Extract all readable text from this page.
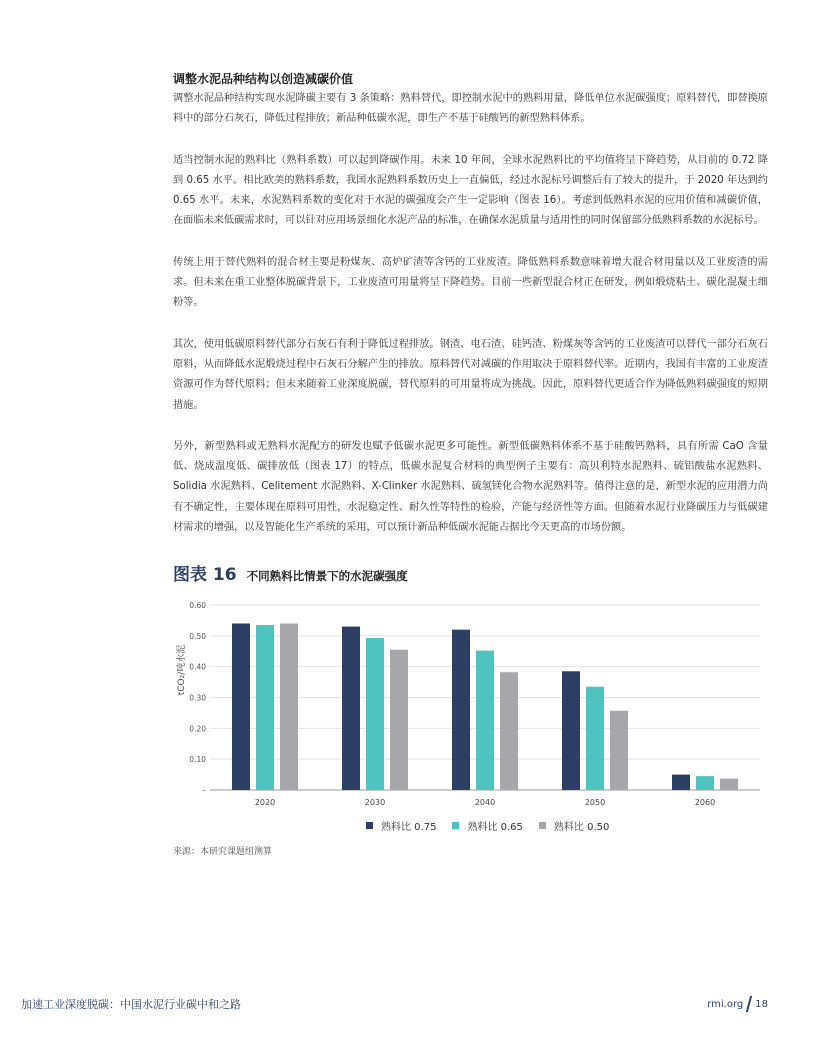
调整水泥品种结构以创造减碳价值

调整水泥品种结构实现水泥降碳主要有 3 条策略：熟料替代，即控制水泥中的熟料用量，降低单位水泥碳强度；原料替代，即替换原料中的部分石灰石，降低过程排放；新品种低碳水泥，即生产不基于硅酸钙的新型熟料体系。

适当控制水泥的熟料比（熟料系数）可以起到降碳作用。未来 10 年间，全球水泥熟料比的平均值将呈下降趋势，从目前的 0.72 降到 0.65 水平。相比欧美的熟料系数，我国水泥熟料系数历史上一直偏低，经过水泥标号调整后有了较大的提升，于 2020 年达到约 0.65 水平。未来，水泥熟料系数的变化对于水泥的碳强度会产生一定影响（图表 16）。考虑到低熟料水泥的应用价值和减碳价值，在面临未来低碳需求时，可以针对应用场景细化水泥产品的标准，在确保水泥质量与适用性的同时保留部分低熟料系数的水泥标号。

传统上用于替代熟料的混合材主要是粉煤灰、高炉矿渣等含钙的工业废渣。降低熟料系数意味着增大混合材用量以及工业废渣的需求。但未来在重工业整体脱碳背景下，工业废渣可用量将呈下降趋势。目前一些新型混合材正在研发，例如煅烧粘土、碳化混凝土细粉等。

其次，使用低碳原料替代部分石灰石有利于降低过程排放。钢渣、电石渣、硅钙渣、粉煤灰等含钙的工业废渣可以替代一部分石灰石原料，从而降低水泥煅烧过程中石灰石分解产生的排放。原料替代对减碳的作用取决于原料替代率。近期内，我国有丰富的工业废渣资源可作为替代原料；但未来随着工业深度脱碳，替代原料的可用量将成为挑战。因此，原料替代更适合作为降低熟料碳强度的短期措施。

另外，新型熟料或无熟料水泥配方的研发也赋予低碳水泥更多可能性。新型低碳熟料体系不基于硅酸钙熟料，具有所需 CaO 含量低、烧成温度低、碳排放低（图表 17）的特点，低碳水泥复合材料的典型例子主要有：高贝利特水泥熟料、硫铝酸盐水泥熟料、Solidia 水泥熟料、Celitement 水泥熟料、X-Clinker 水泥熟料、硫氢镁化合物水泥熟料等。值得注意的是，新型水泥的应用潜力尚有不确定性，主要体现在原料可用性，水泥稳定性、耐久性等特性的检验，产能与经济性等方面。但随着水泥行业降碳压力与低碳建材需求的增强，以及智能化生产系统的采用，可以预计新品种低碳水泥能占据比今天更高的市场份额。

图表 16 不同熟料比情景下的水泥碳强度
–
0.10
0.20
0.30
0.40
0.50
0.60
2020	2030	2040	2050	2060
tCO₂/吨水泥
熟料比 0.75	熟料比 0.65	熟料比 0.50
来源：本研究课题组测算
加速工业深度脱碳：中国水泥行业碳中和之路	rmi.org 18
